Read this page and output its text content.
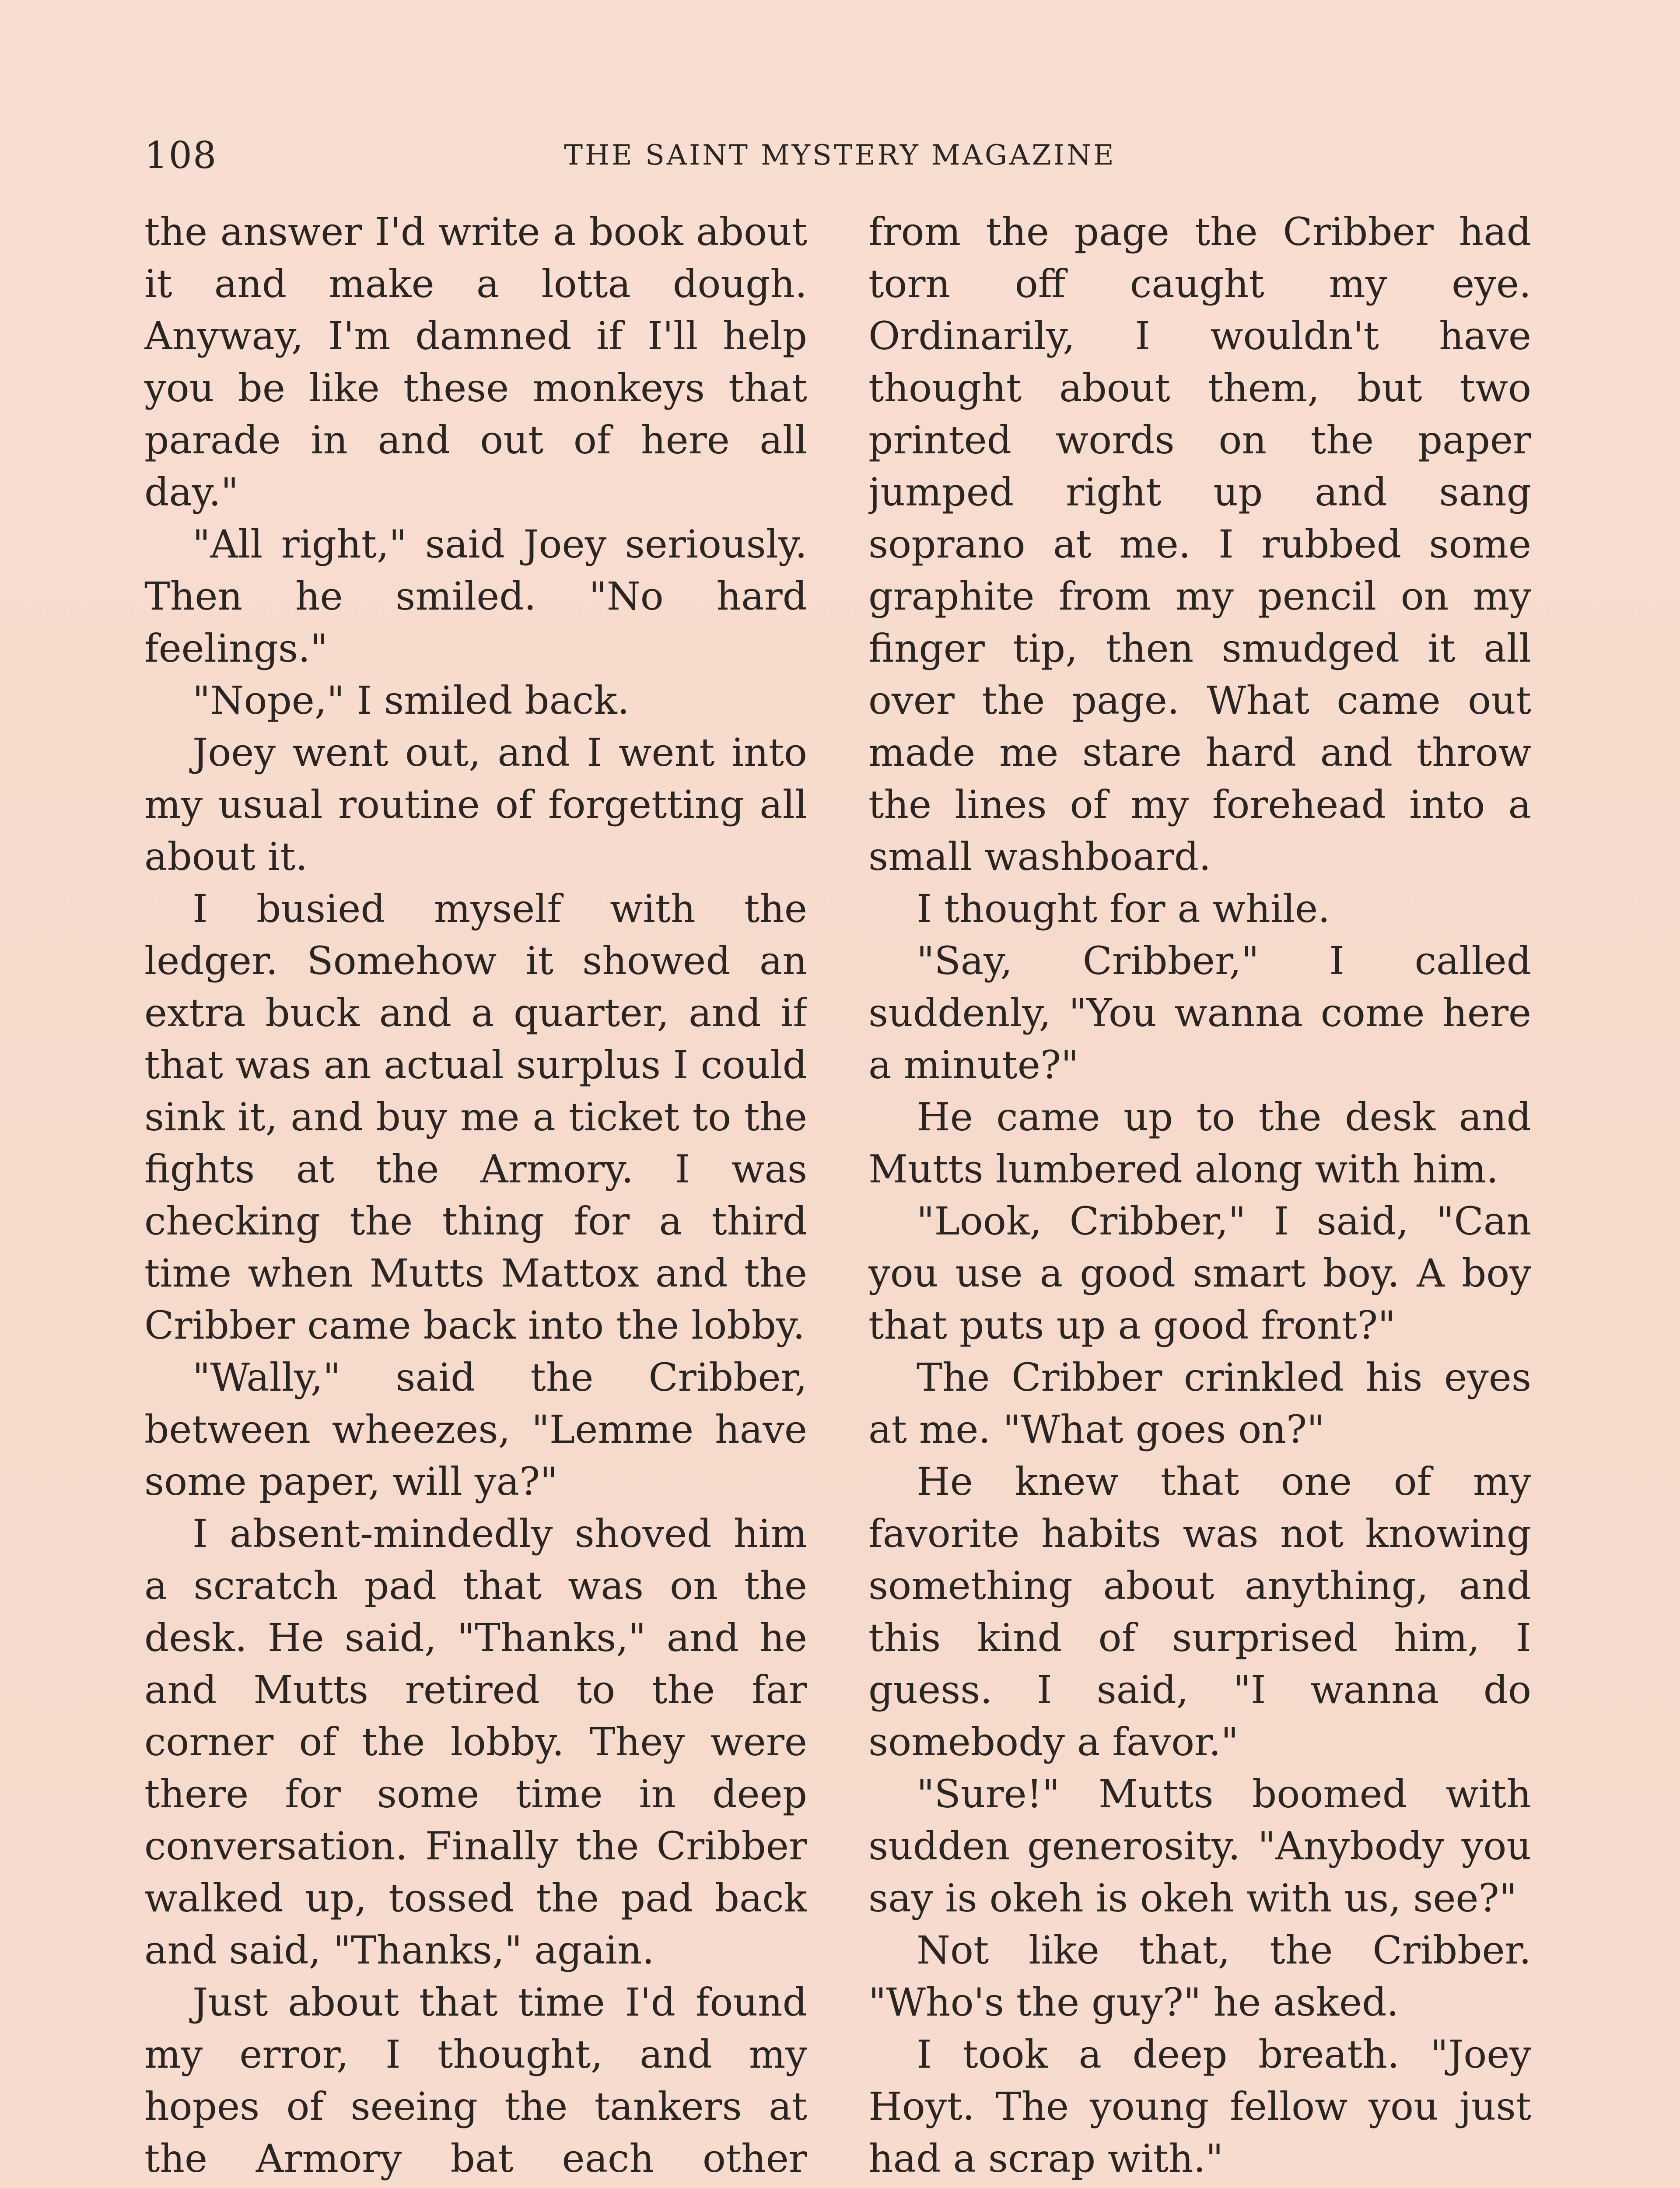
108	THE SAINT MYSTERY MAGAZINE

the answer I'd write a book about it and make a lotta dough. Anyway, I'm damned if I'll help you be like these monkeys that parade in and out of here all day."

"All right," said Joey seriously. Then he smiled. "No hard feelings."

"Nope," I smiled back.

Joey went out, and I went into my usual routine of forgetting all about it.

I busied myself with the ledger. Somehow it showed an extra buck and a quarter, and if that was an actual surplus I could sink it, and buy me a ticket to the fights at the Armory. I was checking the thing for a third time when Mutts Mattox and the Cribber came back into the lobby.

"Wally," said the Cribber, between wheezes, "Lemme have some paper, will ya?"

I absent-mindedly shoved him a scratch pad that was on the desk. He said, "Thanks," and he and Mutts retired to the far corner of the lobby. They were there for some time in deep conversation. Finally the Cribber walked up, tossed the pad back and said, "Thanks," again.

Just about that time I'd found my error, I thought, and my hopes of seeing the tankers at the Armory bat each other

from the page the Cribber had torn off caught my eye. Ordinarily, I wouldn't have thought about them, but two printed words on the paper jumped right up and sang soprano at me. I rubbed some graphite from my pencil on my finger tip, then smudged it all over the page. What came out made me stare hard and throw the lines of my forehead into a small washboard.

I thought for a while.

"Say, Cribber," I called suddenly, "You wanna come here a minute?"

He came up to the desk and Mutts lumbered along with him.

"Look, Cribber," I said, "Can you use a good smart boy. A boy that puts up a good front?"

The Cribber crinkled his eyes at me. "What goes on?"

He knew that one of my favorite habits was not knowing something about anything, and this kind of surprised him, I guess. I said, "I wanna do somebody a favor."

"Sure!" Mutts boomed with sudden generosity. "Anybody you say is okeh is okeh with us, see?"

Not like that, the Cribber. "Who's the guy?" he asked.

I took a deep breath. "Joey Hoyt. The young fellow you just had a scrap with."
